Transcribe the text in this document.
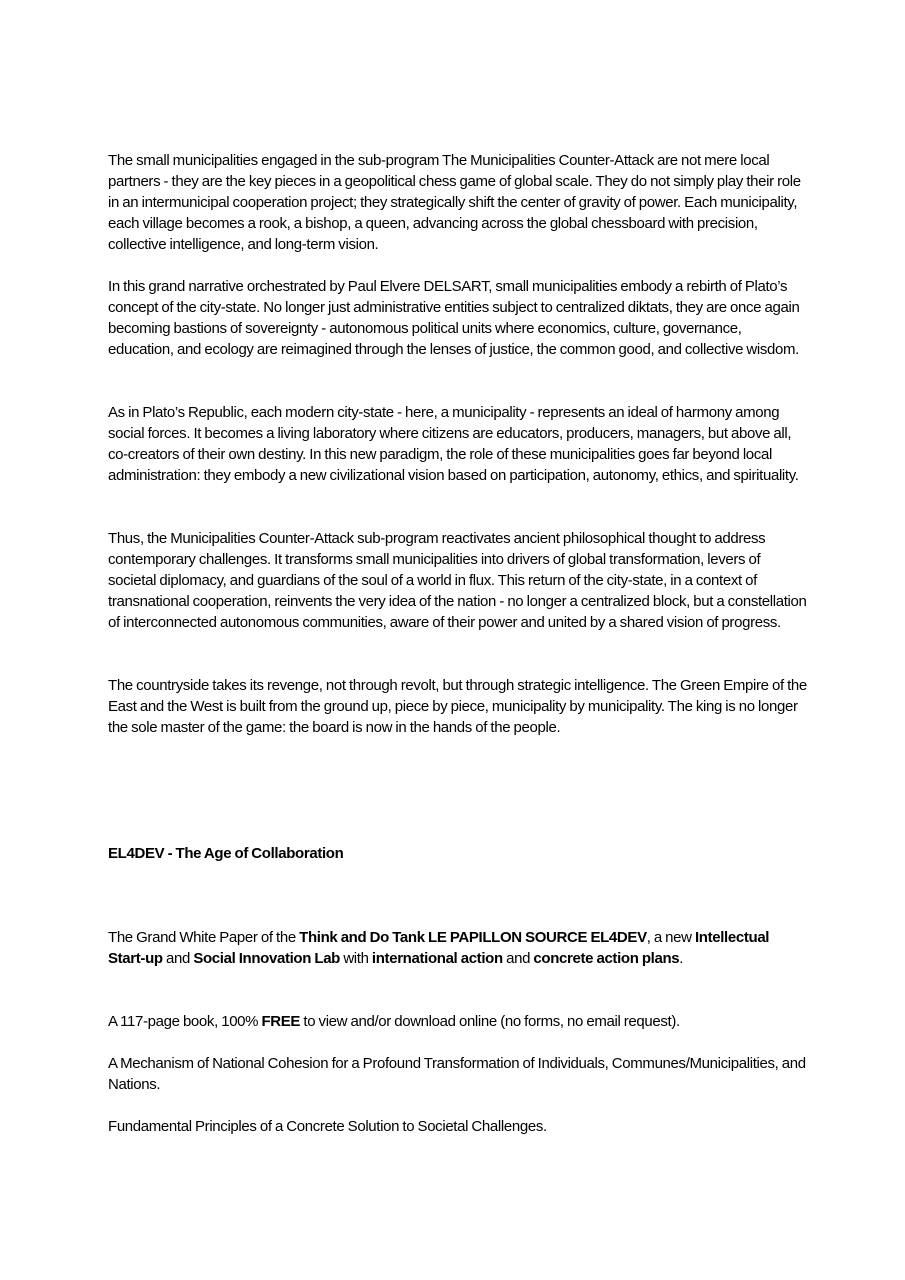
The small municipalities engaged in the sub-program The Municipalities Counter-Attack are not mere local partners - they are the key pieces in a geopolitical chess game of global scale. They do not simply play their role in an intermunicipal cooperation project; they strategically shift the center of gravity of power. Each municipality, each village becomes a rook, a bishop, a queen, advancing across the global chessboard with precision, collective intelligence, and long-term vision.

In this grand narrative orchestrated by Paul Elvere DELSART, small municipalities embody a rebirth of Plato’s concept of the city-state. No longer just administrative entities subject to centralized diktats, they are once again becoming bastions of sovereignty - autonomous political units where economics, culture, governance, education, and ecology are reimagined through the lenses of justice, the common good, and collective wisdom.

As in Plato’s Republic, each modern city-state - here, a municipality - represents an ideal of harmony among social forces. It becomes a living laboratory where citizens are educators, producers, managers, but above all, co-creators of their own destiny. In this new paradigm, the role of these municipalities goes far beyond local administration: they embody a new civilizational vision based on participation, autonomy, ethics, and spirituality.

Thus, the Municipalities Counter-Attack sub-program reactivates ancient philosophical thought to address contemporary challenges. It transforms small municipalities into drivers of global transformation, levers of societal diplomacy, and guardians of the soul of a world in flux. This return of the city-state, in a context of transnational cooperation, reinvents the very idea of the nation - no longer a centralized block, but a constellation of interconnected autonomous communities, aware of their power and united by a shared vision of progress.

The countryside takes its revenge, not through revolt, but through strategic intelligence. The Green Empire of the East and the West is built from the ground up, piece by piece, municipality by municipality. The king is no longer the sole master of the game: the board is now in the hands of the people.

EL4DEV - The Age of Collaboration

The Grand White Paper of the Think and Do Tank LE PAPILLON SOURCE EL4DEV, a new Intellectual Start-up and Social Innovation Lab with international action and concrete action plans.

A 117-page book, 100% FREE to view and/or download online (no forms, no email request).

A Mechanism of National Cohesion for a Profound Transformation of Individuals, Communes/Municipalities, and Nations.

Fundamental Principles of a Concrete Solution to Societal Challenges.
